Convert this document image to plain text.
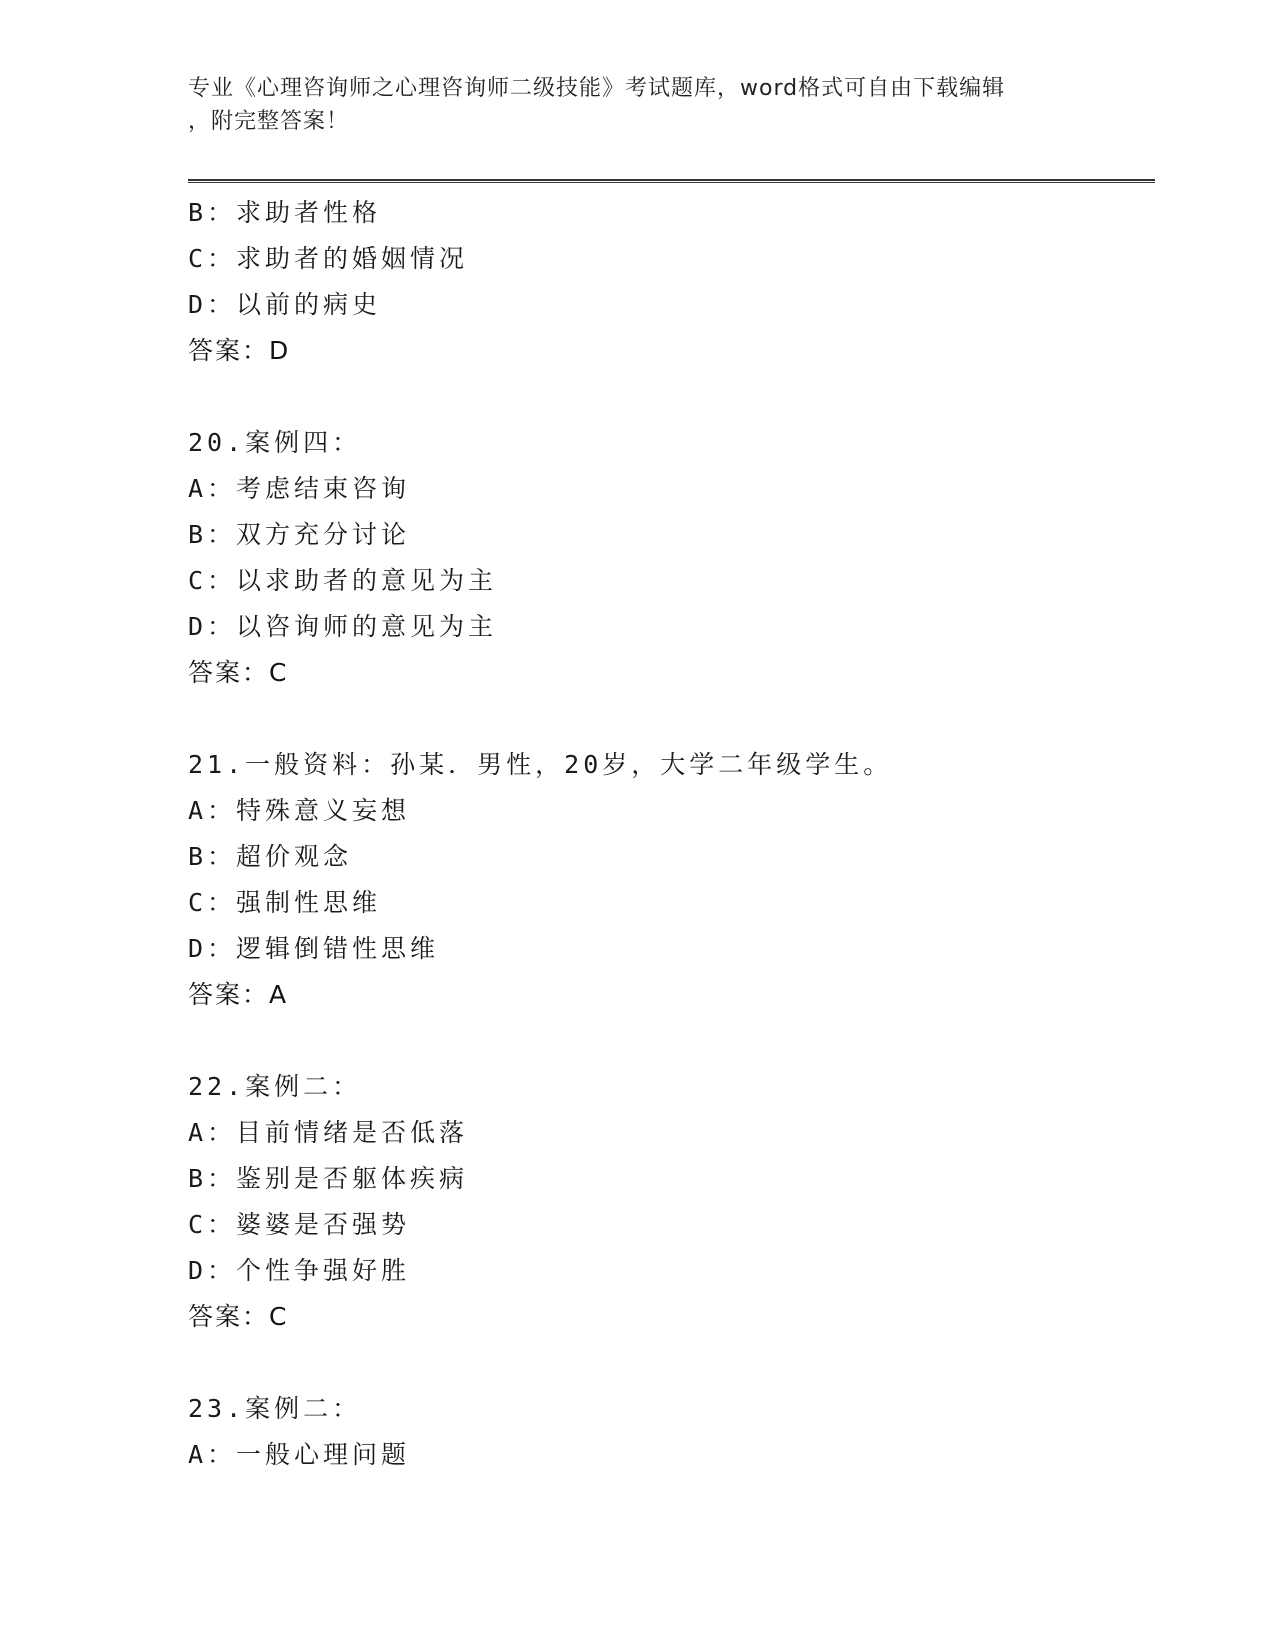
专业《心理咨询师之心理咨询师二级技能》考试题库，word格式可自由下载编辑
，附完整答案！
B：求助者性格
C：求助者的婚姻情况
D：以前的病史
答案：D
20.案例四：
A：考虑结束咨询
B：双方充分讨论
C：以求助者的意见为主
D：以咨询师的意见为主
答案：C
21.一般资料：孙某．男性，20岁，大学二年级学生。
A：特殊意义妄想
B：超价观念
C：强制性思维
D：逻辑倒错性思维
答案：A
22.案例二：
A：目前情绪是否低落
B：鉴别是否躯体疾病
C：婆婆是否强势
D：个性争强好胜
答案：C
23.案例二：
A：一般心理问题
